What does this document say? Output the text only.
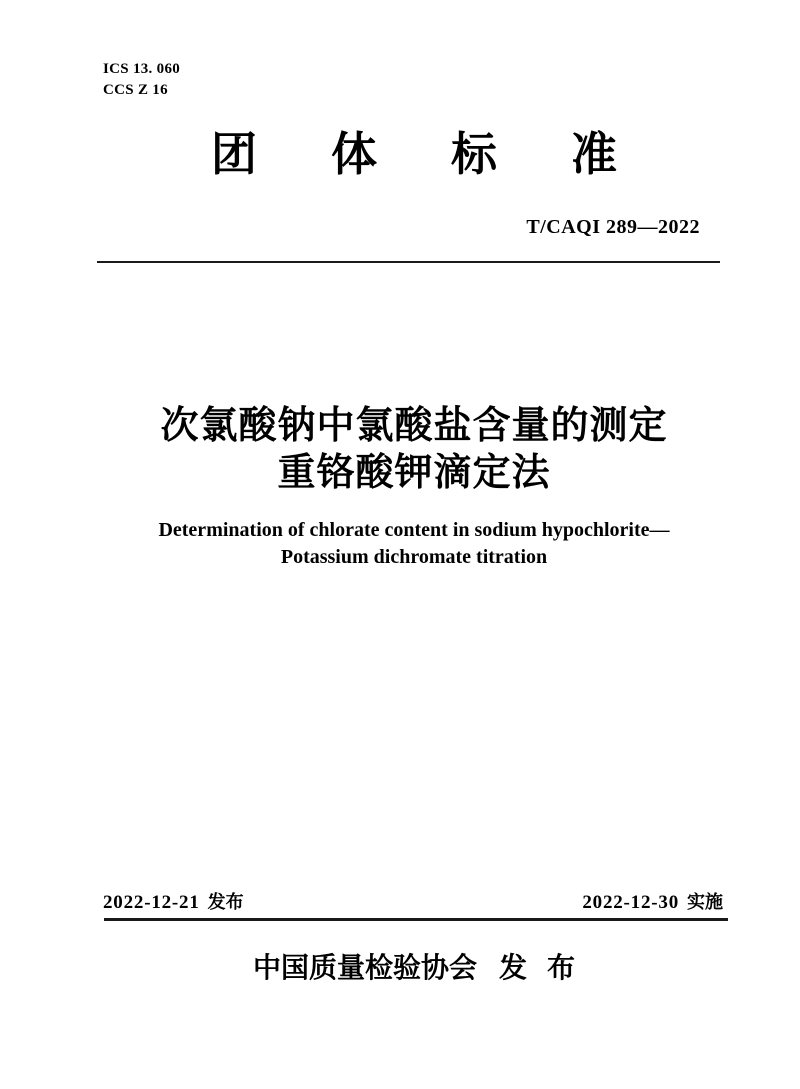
ICS 13. 060
CCS Z 16
团体标准
T/CAQI 289—2022
次氯酸钠中氯酸盐含量的测定
重铬酸钾滴定法
Determination of chlorate content in sodium hypochlorite—
Potassium dichromate titration
2022-12-21 发布	2022-12-30 实施
中国质量检验协会 发布
